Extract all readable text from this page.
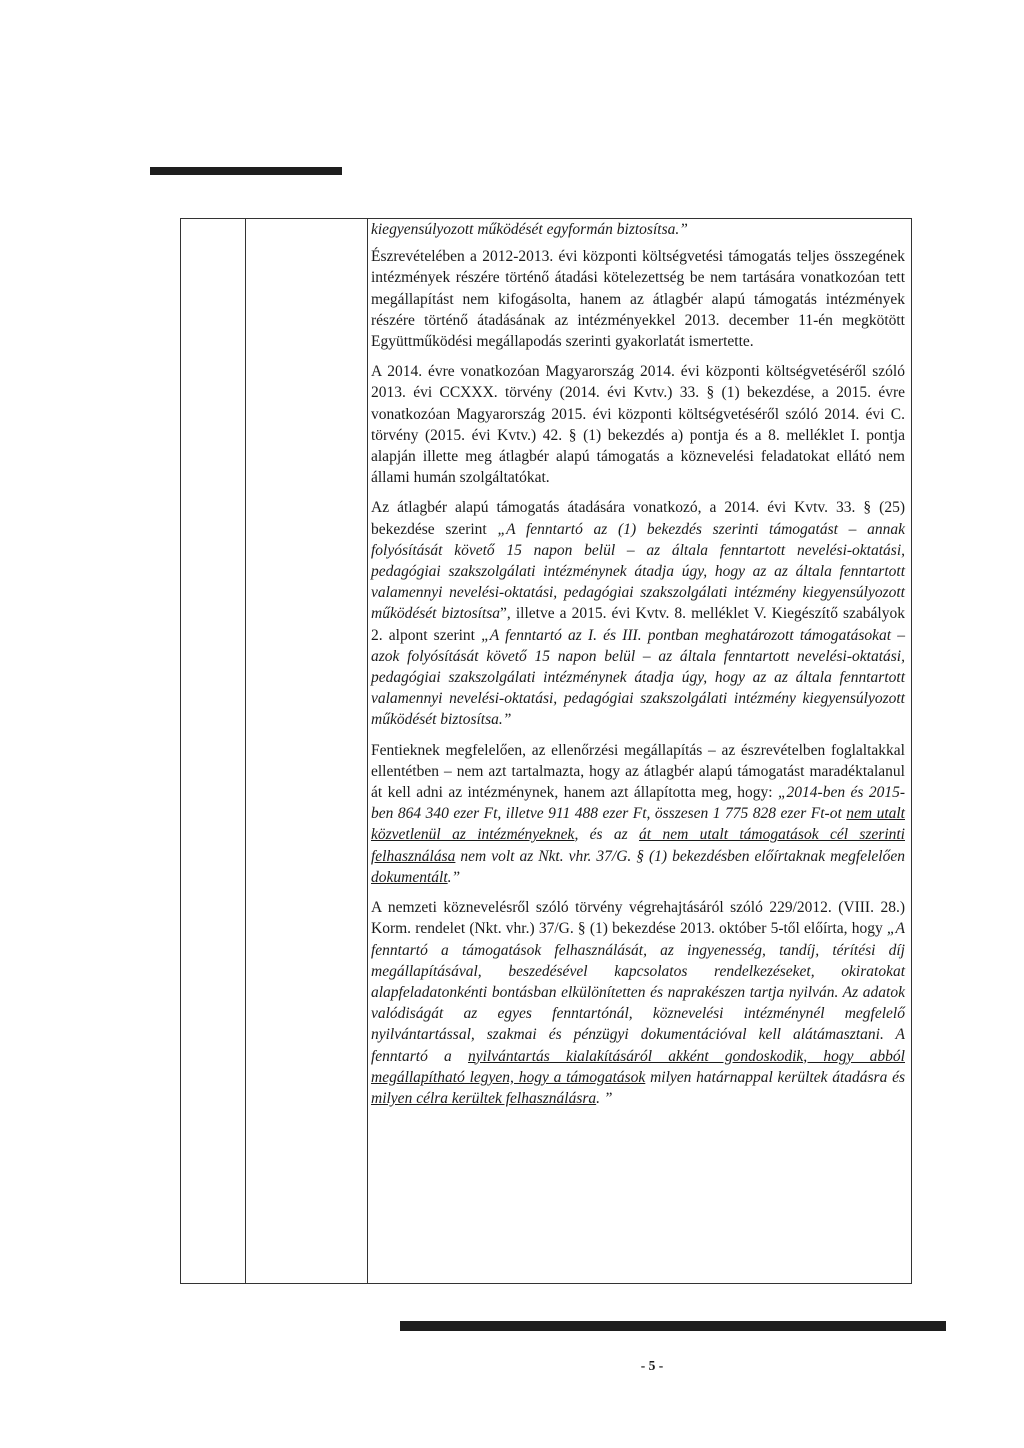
kiegyensúlyozott működését egyformán biztosítsa.”

Észrevételében a 2012-2013. évi központi költségvetési támogatás teljes összegének intézmények részére történő átadási kötelezettség be nem tartására vonatkozóan tett megállapítást nem kifogásolta, hanem az átlagbér alapú támogatás intézmények részére történő átadásának az intézményekkel 2013. december 11-én megkötött Együttműködési megállapodás szerinti gyakorlatát ismertette.

A 2014. évre vonatkozóan Magyarország 2014. évi központi költségvetéséről szóló 2013. évi CCXXX. törvény (2014. évi Kvtv.) 33. § (1) bekezdése, a 2015. évre vonatkozóan Magyarország 2015. évi központi költségvetéséről szóló 2014. évi C. törvény (2015. évi Kvtv.) 42. § (1) bekezdés a) pontja és a 8. melléklet I. pontja alapján illette meg átlagbér alapú támogatás a köznevelési feladatokat ellátó nem állami humán szolgáltatókat.

Az átlagbér alapú támogatás átadására vonatkozó, a 2014. évi Kvtv. 33. § (25) bekezdése szerint „A fenntartó az (1) bekezdés szerinti támogatást – annak folyósítását követő 15 napon belül – az általa fenntartott nevelési-oktatási, pedagógiai szakszolgálati intézménynek átadja úgy, hogy az az általa fenntartott valamennyi nevelési-oktatási, pedagógiai szakszolgálati intézmény kiegyensúlyozott működését biztosítsa”, illetve a 2015. évi Kvtv. 8. melléklet V. Kiegészítő szabályok 2. alpont szerint „A fenntartó az I. és III. pontban meghatározott támogatásokat – azok folyósítását követő 15 napon belül – az általa fenntartott nevelési-oktatási, pedagógiai szakszolgálati intézménynek átadja úgy, hogy az az általa fenntartott valamennyi nevelési-oktatási, pedagógiai szakszolgálati intézmény kiegyensúlyozott működését biztosítsa.”

Fentieknek megfelelően, az ellenőrzési megállapítás – az észrevételben foglaltakkal ellentétben – nem azt tartalmazta, hogy az átlagbér alapú támogatást maradéktalanul át kell adni az intézménynek, hanem azt állapította meg, hogy: „2014-ben és 2015-ben 864 340 ezer Ft, illetve 911 488 ezer Ft, összesen 1 775 828 ezer Ft-ot nem utalt közvetlenül az intézményeknek, és az át nem utalt támogatások cél szerinti felhasználása nem volt az Nkt. vhr. 37/G. § (1) bekezdésben előírtaknak megfelelően dokumentált.”

A nemzeti köznevelésről szóló törvény végrehajtásáról szóló 229/2012. (VIII. 28.) Korm. rendelet (Nkt. vhr.) 37/G. § (1) bekezdése 2013. október 5-től előírta, hogy „A fenntartó a támogatások felhasználását, az ingyenesség, tandíj, térítési díj megállapításával, beszedésével kapcsolatos rendelkezéseket, okiratokat alapfeladatonkénti bontásban elkülönítetten és naprakészen tartja nyilván. Az adatok valódiságát az egyes fenntartónál, köznevelési intézménynél megfelelő nyilvántartással, szakmai és pénzügyi dokumentációval kell alátámasztani. A fenntartó a nyilvántartás kialakításáról akként gondoskodik, hogy abból megállapítható legyen, hogy a támogatások milyen határnappal kerültek átadásra és milyen célra kerültek felhasználásra. ”

- 5 -
